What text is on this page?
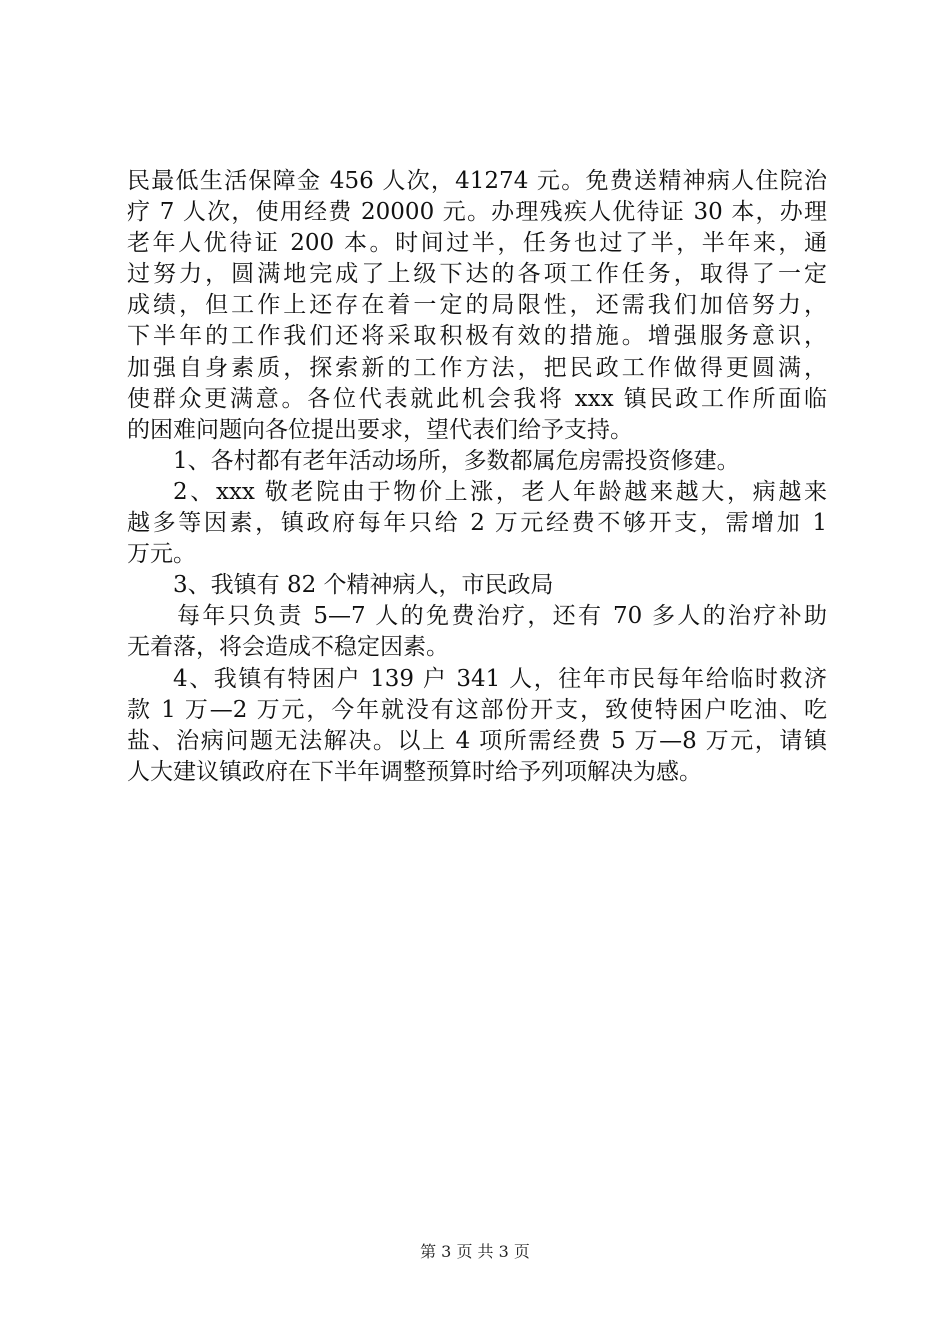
民最低生活保障金 456 人次，41274 元。免费送精神病人住院治
疗 7 人次，使用经费 20000 元。办理残疾人优待证 30 本，办理
老年人优待证 200 本。时间过半，任务也过了半，半年来，通
过努力，圆满地完成了上级下达的各项工作任务，取得了一定
成绩，但工作上还存在着一定的局限性，还需我们加倍努力，
下半年的工作我们还将采取积极有效的措施。增强服务意识，
加强自身素质，探索新的工作方法，把民政工作做得更圆满，
使群众更满意。各位代表就此机会我将 xxx 镇民政工作所面临
的困难问题向各位提出要求，望代表们给予支持。
1、各村都有老年活动场所，多数都属危房需投资修建。
2、xxx 敬老院由于物价上涨，老人年龄越来越大，病越来
越多等因素，镇政府每年只给 2 万元经费不够开支，需增加 1
万元。
3、我镇有 82 个精神病人，市民政局
每年只负责 5—7 人的免费治疗，还有 70 多人的治疗补助
无着落，将会造成不稳定因素。
4、我镇有特困户 139 户 341 人，往年市民每年给临时救济
款 1 万—2 万元，今年就没有这部份开支，致使特困户吃油、吃
盐、治病问题无法解决。以上 4 项所需经费 5 万—8 万元，请镇
人大建议镇政府在下半年调整预算时给予列项解决为感。
第 3 页 共 3 页
